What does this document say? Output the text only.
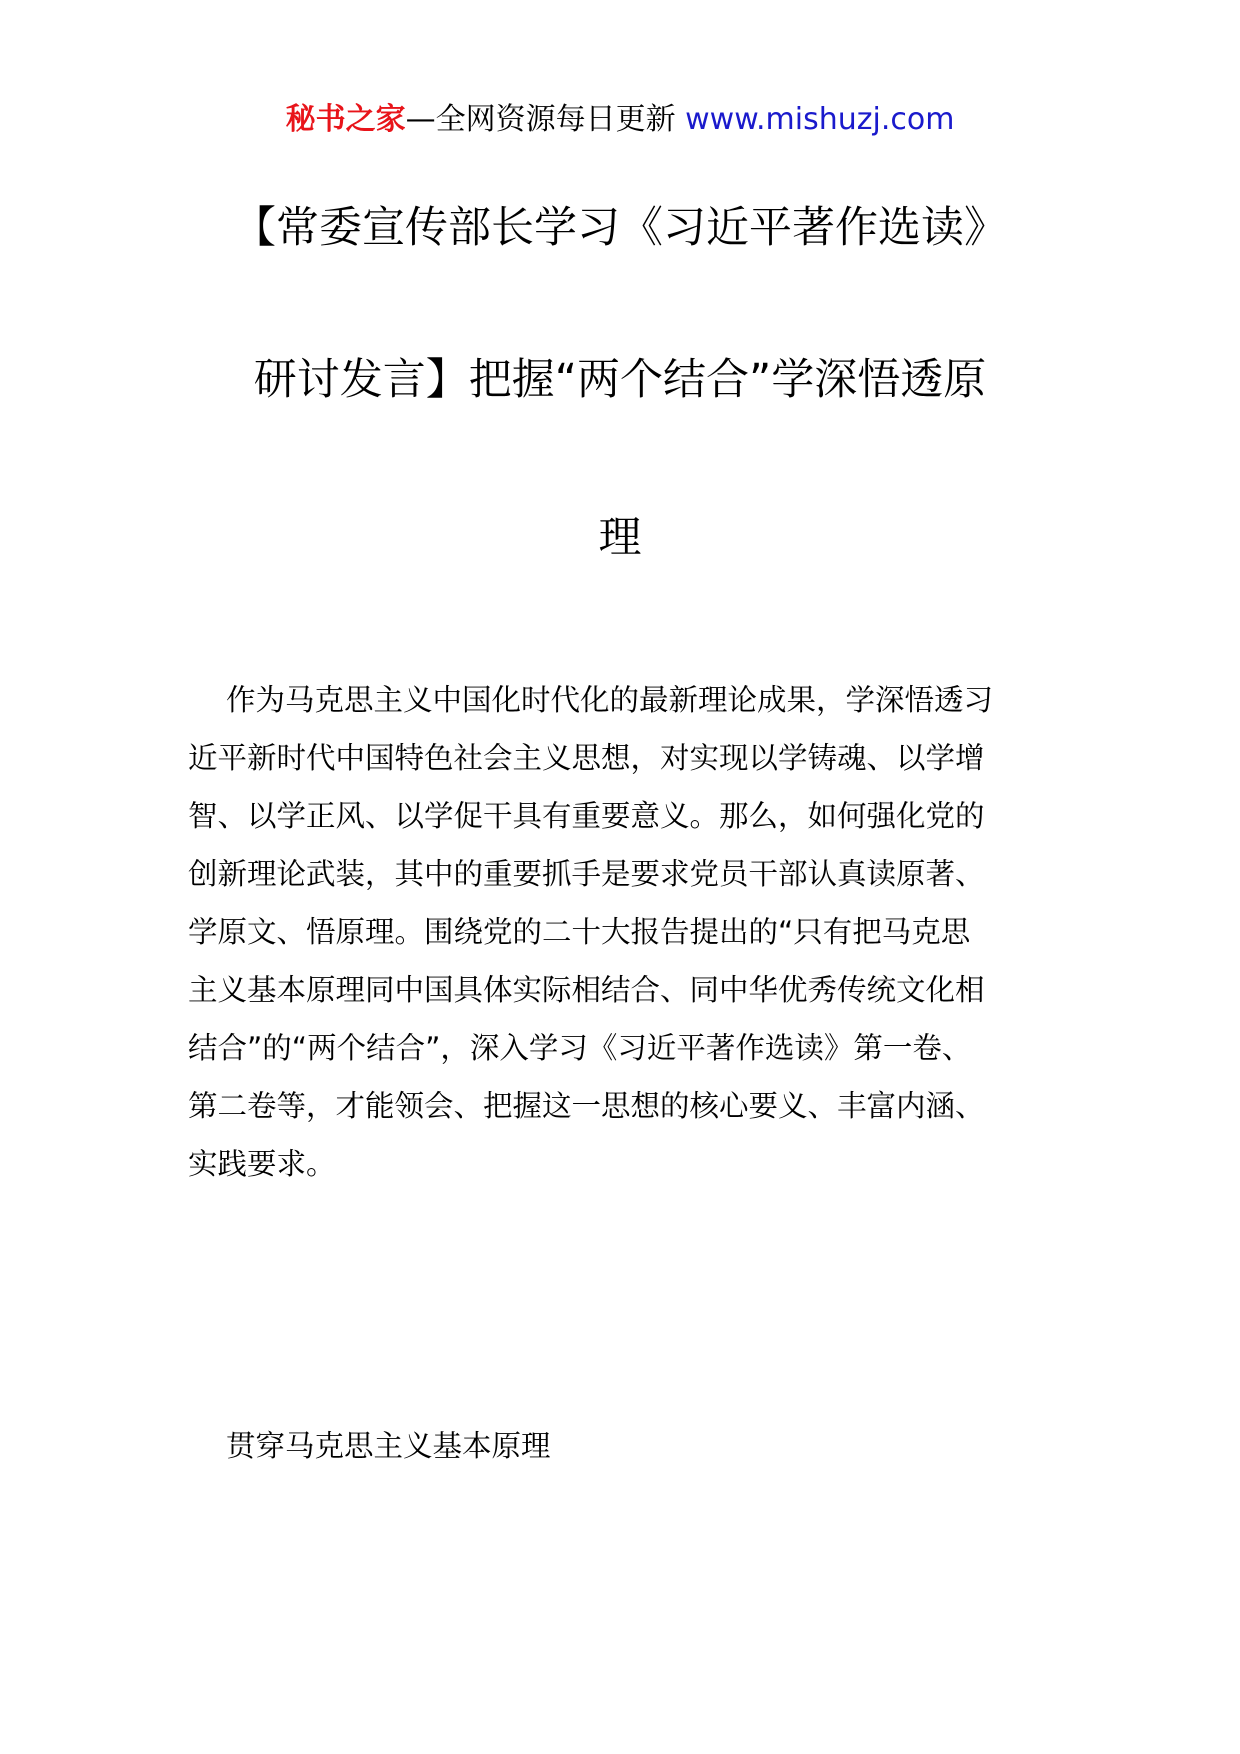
秘书之家—全网资源每日更新 www.mishuzj.com
【常委宣传部长学习《习近平著作选读》
研讨发言】把握“两个结合”学深悟透原
理
作为马克思主义中国化时代化的最新理论成果，学深悟透习
近平新时代中国特色社会主义思想，对实现以学铸魂、以学增
智、以学正风、以学促干具有重要意义。那么，如何强化党的
创新理论武装，其中的重要抓手是要求党员干部认真读原著、
学原文、悟原理。围绕党的二十大报告提出的“只有把马克思
主义基本原理同中国具体实际相结合、同中华优秀传统文化相
结合”的“两个结合”，深入学习《习近平著作选读》第一卷、
第二卷等，才能领会、把握这一思想的核心要义、丰富内涵、
实践要求。
贯穿马克思主义基本原理
